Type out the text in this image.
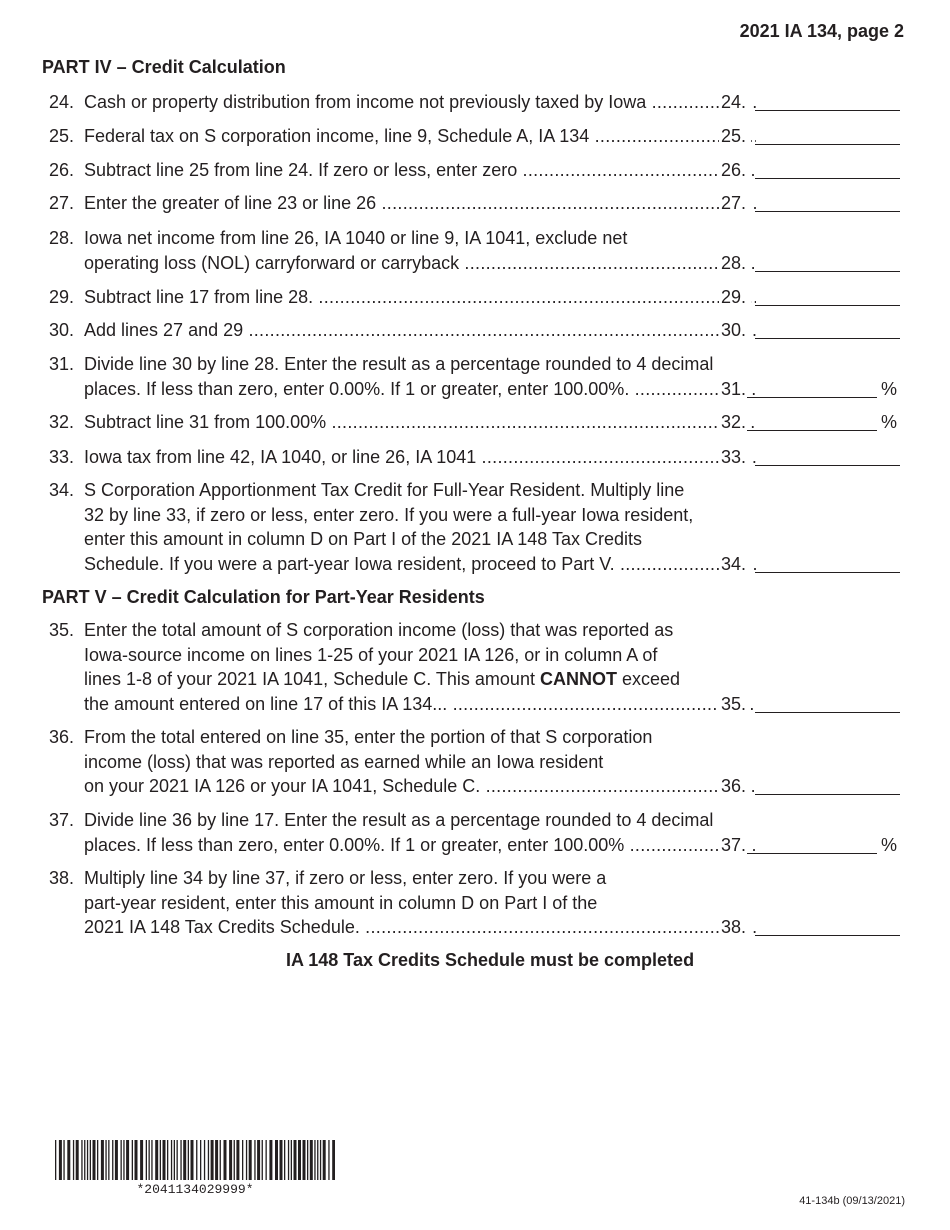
2021 IA 134, page 2
PART IV – Credit Calculation
24. Cash or property distribution from income not previously taxed by Iowa .....	24.
25. Federal tax on S corporation income, line 9, Schedule A, IA 134 .....	25.
26. Subtract line 25 from line 24. If zero or less, enter zero .....	26.
27. Enter the greater of line 23 or line 26 .....	27.
28. Iowa net income from line 26, IA 1040 or line 9, IA 1041, exclude net
operating loss (NOL) carryforward or carryback .....	28.
29. Subtract line 17 from line 28. .....	29.
30. Add lines 27 and 29 .....	30.
31. Divide line 30 by line 28. Enter the result as a percentage rounded to 4 decimal
places. If less than zero, enter 0.00%. If 1 or greater, enter 100.00%. .....	31.	%
32. Subtract line 31 from 100.00% .....	32.	%
33. Iowa tax from line 42, IA 1040, or line 26, IA 1041 .....	33.
34. S Corporation Apportionment Tax Credit for Full-Year Resident. Multiply line
32 by line 33, if zero or less, enter zero. If you were a full-year Iowa resident,
enter this amount in column D on Part I of the 2021 IA 148 Tax Credits
Schedule. If you were a part-year Iowa resident, proceed to Part V. .....	34.
PART V – Credit Calculation for Part-Year Residents
35. Enter the total amount of S corporation income (loss) that was reported as
Iowa-source income on lines 1-25 of your 2021 IA 126, or in column A of
lines 1-8 of your 2021 IA 1041, Schedule C. This amount CANNOT exceed
the amount entered on line 17 of this IA 134... .....	35.
36. From the total entered on line 35, enter the portion of that S corporation
income (loss) that was reported as earned while an Iowa resident
on your 2021 IA 126 or your IA 1041, Schedule C. .....	36.
37. Divide line 36 by line 17. Enter the result as a percentage rounded to 4 decimal
places. If less than zero, enter 0.00%. If 1 or greater, enter 100.00% .....	37.	%
38. Multiply line 34 by line 37, if zero or less, enter zero. If you were a
part-year resident, enter this amount in column D on Part I of the
2021 IA 148 Tax Credits Schedule. .....	38.
IA 148 Tax Credits Schedule must be completed
*2041134029999*
41-134b (09/13/2021)
